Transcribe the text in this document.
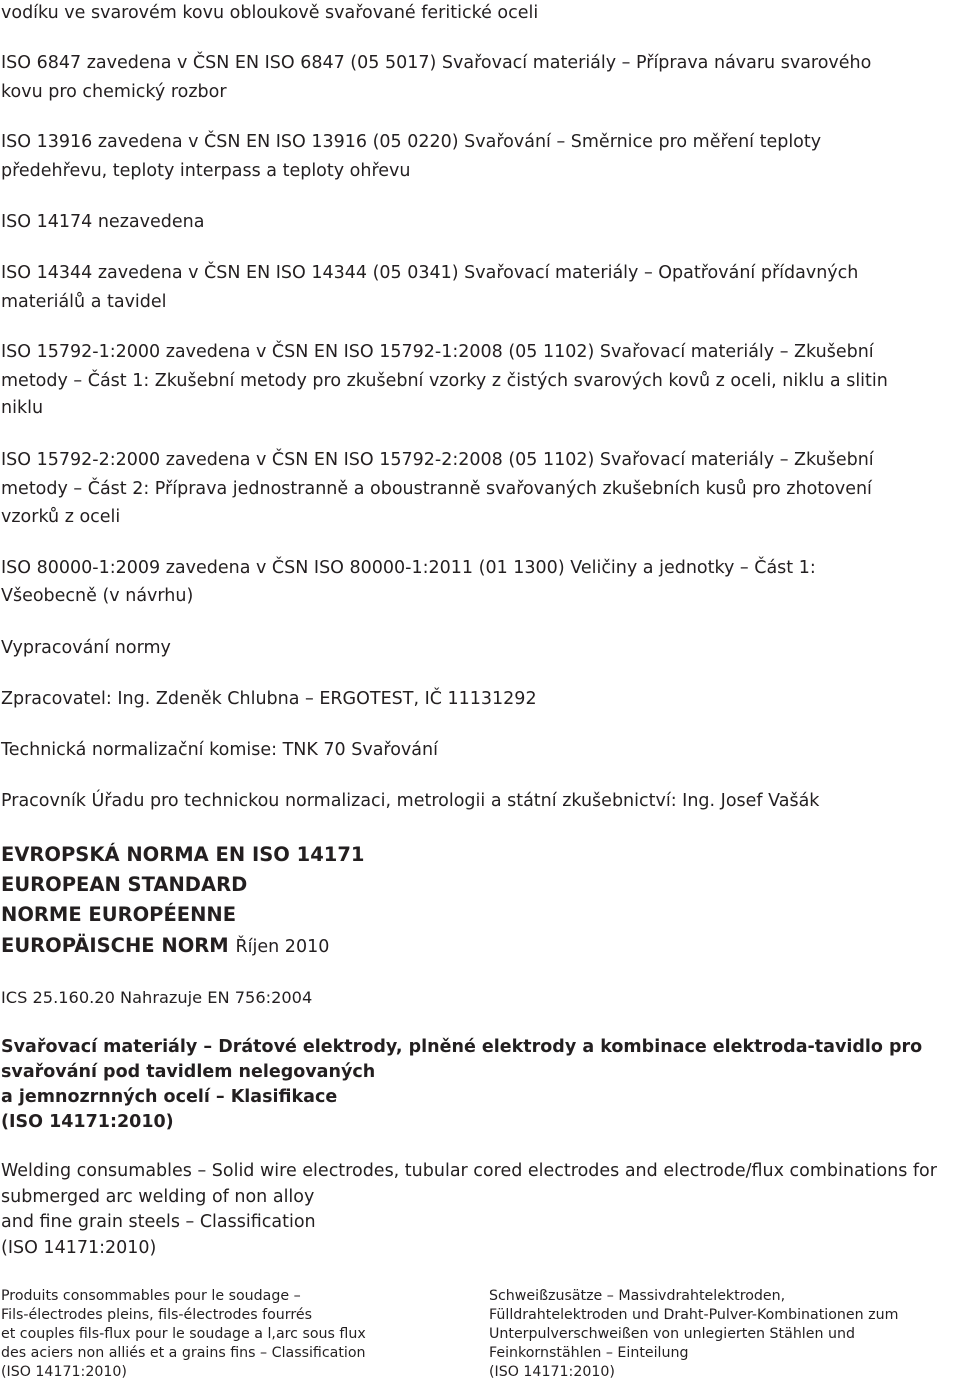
vodíku ve svarovém kovu obloukově svařované feritické oceli

ISO 6847 zavedena v ČSN EN ISO 6847 (05 5017) Svařovací materiály – Příprava návaru svarového

kovu pro chemický rozbor

ISO 13916 zavedena v ČSN EN ISO 13916 (05 0220) Svařování – Směrnice pro měření teploty

předehřevu, teploty interpass a teploty ohřevu

ISO 14174 nezavedena

ISO 14344 zavedena v ČSN EN ISO 14344 (05 0341) Svařovací materiály – Opatřování přídavných

materiálů a tavidel

ISO 15792-1:2000 zavedena v ČSN EN ISO 15792-1:2008 (05 1102) Svařovací materiály – Zkušební

metody – Část 1: Zkušební metody pro zkušební vzorky z čistých svarových kovů z oceli, niklu a slitin

niklu

ISO 15792-2:2000 zavedena v ČSN EN ISO 15792-2:2008 (05 1102) Svařovací materiály – Zkušební

metody – Část 2: Příprava jednostranně a oboustranně svařovaných zkušebních kusů pro zhotovení

vzorků z oceli

ISO 80000-1:2009 zavedena v ČSN ISO 80000-1:2011 (01 1300) Veličiny a jednotky – Část 1:

Všeobecně (v návrhu)

Vypracování normy

Zpracovatel: Ing. Zdeněk Chlubna – ERGOTEST, IČ 11131292

Technická normalizační komise: TNK 70 Svařování

Pracovník Úřadu pro technickou normalizaci, metrologii a státní zkušebnictví: Ing. Josef Vašák

EVROPSKÁ NORMA EN ISO 14171

EUROPEAN STANDARD

NORME EUROPÉENNE

EUROPÄISCHE NORM Říjen 2010

ICS 25.160.20 Nahrazuje EN 756:2004

Svařovací materiály – Drátové elektrody, plněné elektrody a kombinace elektroda-tavidlo pro

svařování pod tavidlem nelegovaných

a jemnozrnných ocelí – Klasifikace

(ISO 14171:2010)

Welding consumables – Solid wire electrodes, tubular cored electrodes and electrode/flux combinations for

submerged arc welding of non alloy

and fine grain steels – Classification

(ISO 14171:2010)

Produits consommables pour le soudage –

Fils-électrodes pleins, fils-électrodes fourrés

et couples fils-flux pour le soudage a l,arc sous flux

des aciers non alliés et a grains fins – Classification

(ISO 14171:2010)

Schweißzusätze – Massivdrahtelektroden,

Fülldrahtelektroden und Draht-Pulver-Kombinationen zum

Unterpulverschweißen von unlegierten Stählen und

Feinkornstählen – Einteilung

(ISO 14171:2010)
